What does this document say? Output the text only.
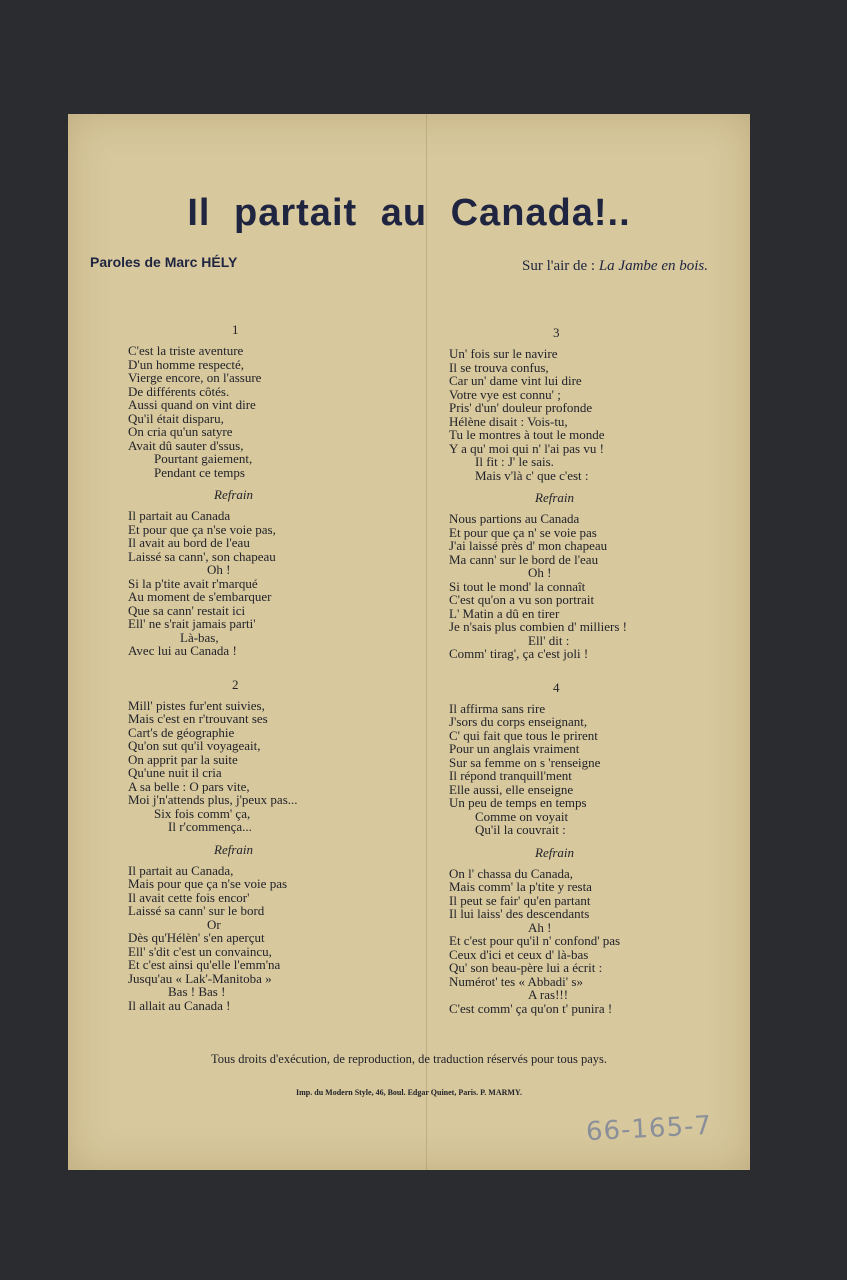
Il partait au Canada!..
Paroles de Marc HÉLY	Sur l'air de : La Jambe en bois.
1
C'est la triste aventure
D'un homme respecté,
Vierge encore, on l'assure
De différents côtés.
Aussi quand on vint dire
Qu'il était disparu,
On cria qu'un satyre
Avait dû sauter d'ssus,
Pourtant gaiement,
Pendant ce temps
Refrain
Il partait au Canada
Et pour que ça n'se voie pas,
Il avait au bord de l'eau
Laissé sa cann', son chapeau
Oh !
Si la p'tite avait r'marqué
Au moment de s'embarquer
Que sa cann' restait ici
Ell' ne s'rait jamais parti'
Là-bas,
Avec lui au Canada !
2
Mill' pistes fur'ent suivies,
Mais c'est en r'trouvant ses
Cart's de géographie
Qu'on sut qu'il voyageait,
On apprit par la suite
Qu'une nuit il cria
A sa belle : O pars vite,
Moi j'n'attends plus, j'peux pas...
Six fois comm' ça,
Il r'commença...
Refrain
Il partait au Canada,
Mais pour que ça n'se voie pas
Il avait cette fois encor'
Laissé sa cann' sur le bord
Or
Dès qu'Hélèn' s'en aperçut
Ell' s'dit c'est un convaincu,
Et c'est ainsi qu'elle l'emm'na
Jusqu'au « Lak'-Manitoba »
Bas ! Bas !
Il allait au Canada !
3
Un' fois sur le navire
Il se trouva confus,
Car un' dame vint lui dire
Votre vye est connu' ;
Pris' d'un' douleur profonde
Hélène disait : Vois-tu,
Tu le montres à tout le monde
Y a qu' moi qui n' l'ai pas vu !
Il fit : J' le sais.
Mais v'là c' que c'est :
Refrain
Nous partions au Canada
Et pour que ça n' se voie pas
J'ai laissé près d' mon chapeau
Ma cann' sur le bord de l'eau
Oh !
Si tout le mond' la connaît
C'est qu'on a vu son portrait
L' Matin a dû en tirer
Je n'sais plus combien d' milliers !
Ell' dit :
Comm' tirag', ça c'est joli !
4
Il affirma sans rire
J'sors du corps enseignant,
C' qui fait que tous le prirent
Pour un anglais vraiment
Sur sa femme on s 'renseigne
Il répond tranquill'ment
Elle aussi, elle enseigne
Un peu de temps en temps
Comme on voyait
Qu'il la couvrait :
Refrain
On l' chassa du Canada,
Mais comm' la p'tite y resta
Il peut se fair' qu'en partant
Il lui laiss' des descendants
Ah !
Et c'est pour qu'il n' confond' pas
Ceux d'ici et ceux d' là-bas
Qu' son beau-père lui a écrit :
Numérot' tes « Abbadi' s»
A ras!!!
C'est comm' ça qu'on t' punira !
Tous droits d'exécution, de reproduction, de traduction réservés pour tous pays.
Imp. du Modern Style, 46, Boul. Edgar Quinet, Paris. P. MARMY.
66-165-7
